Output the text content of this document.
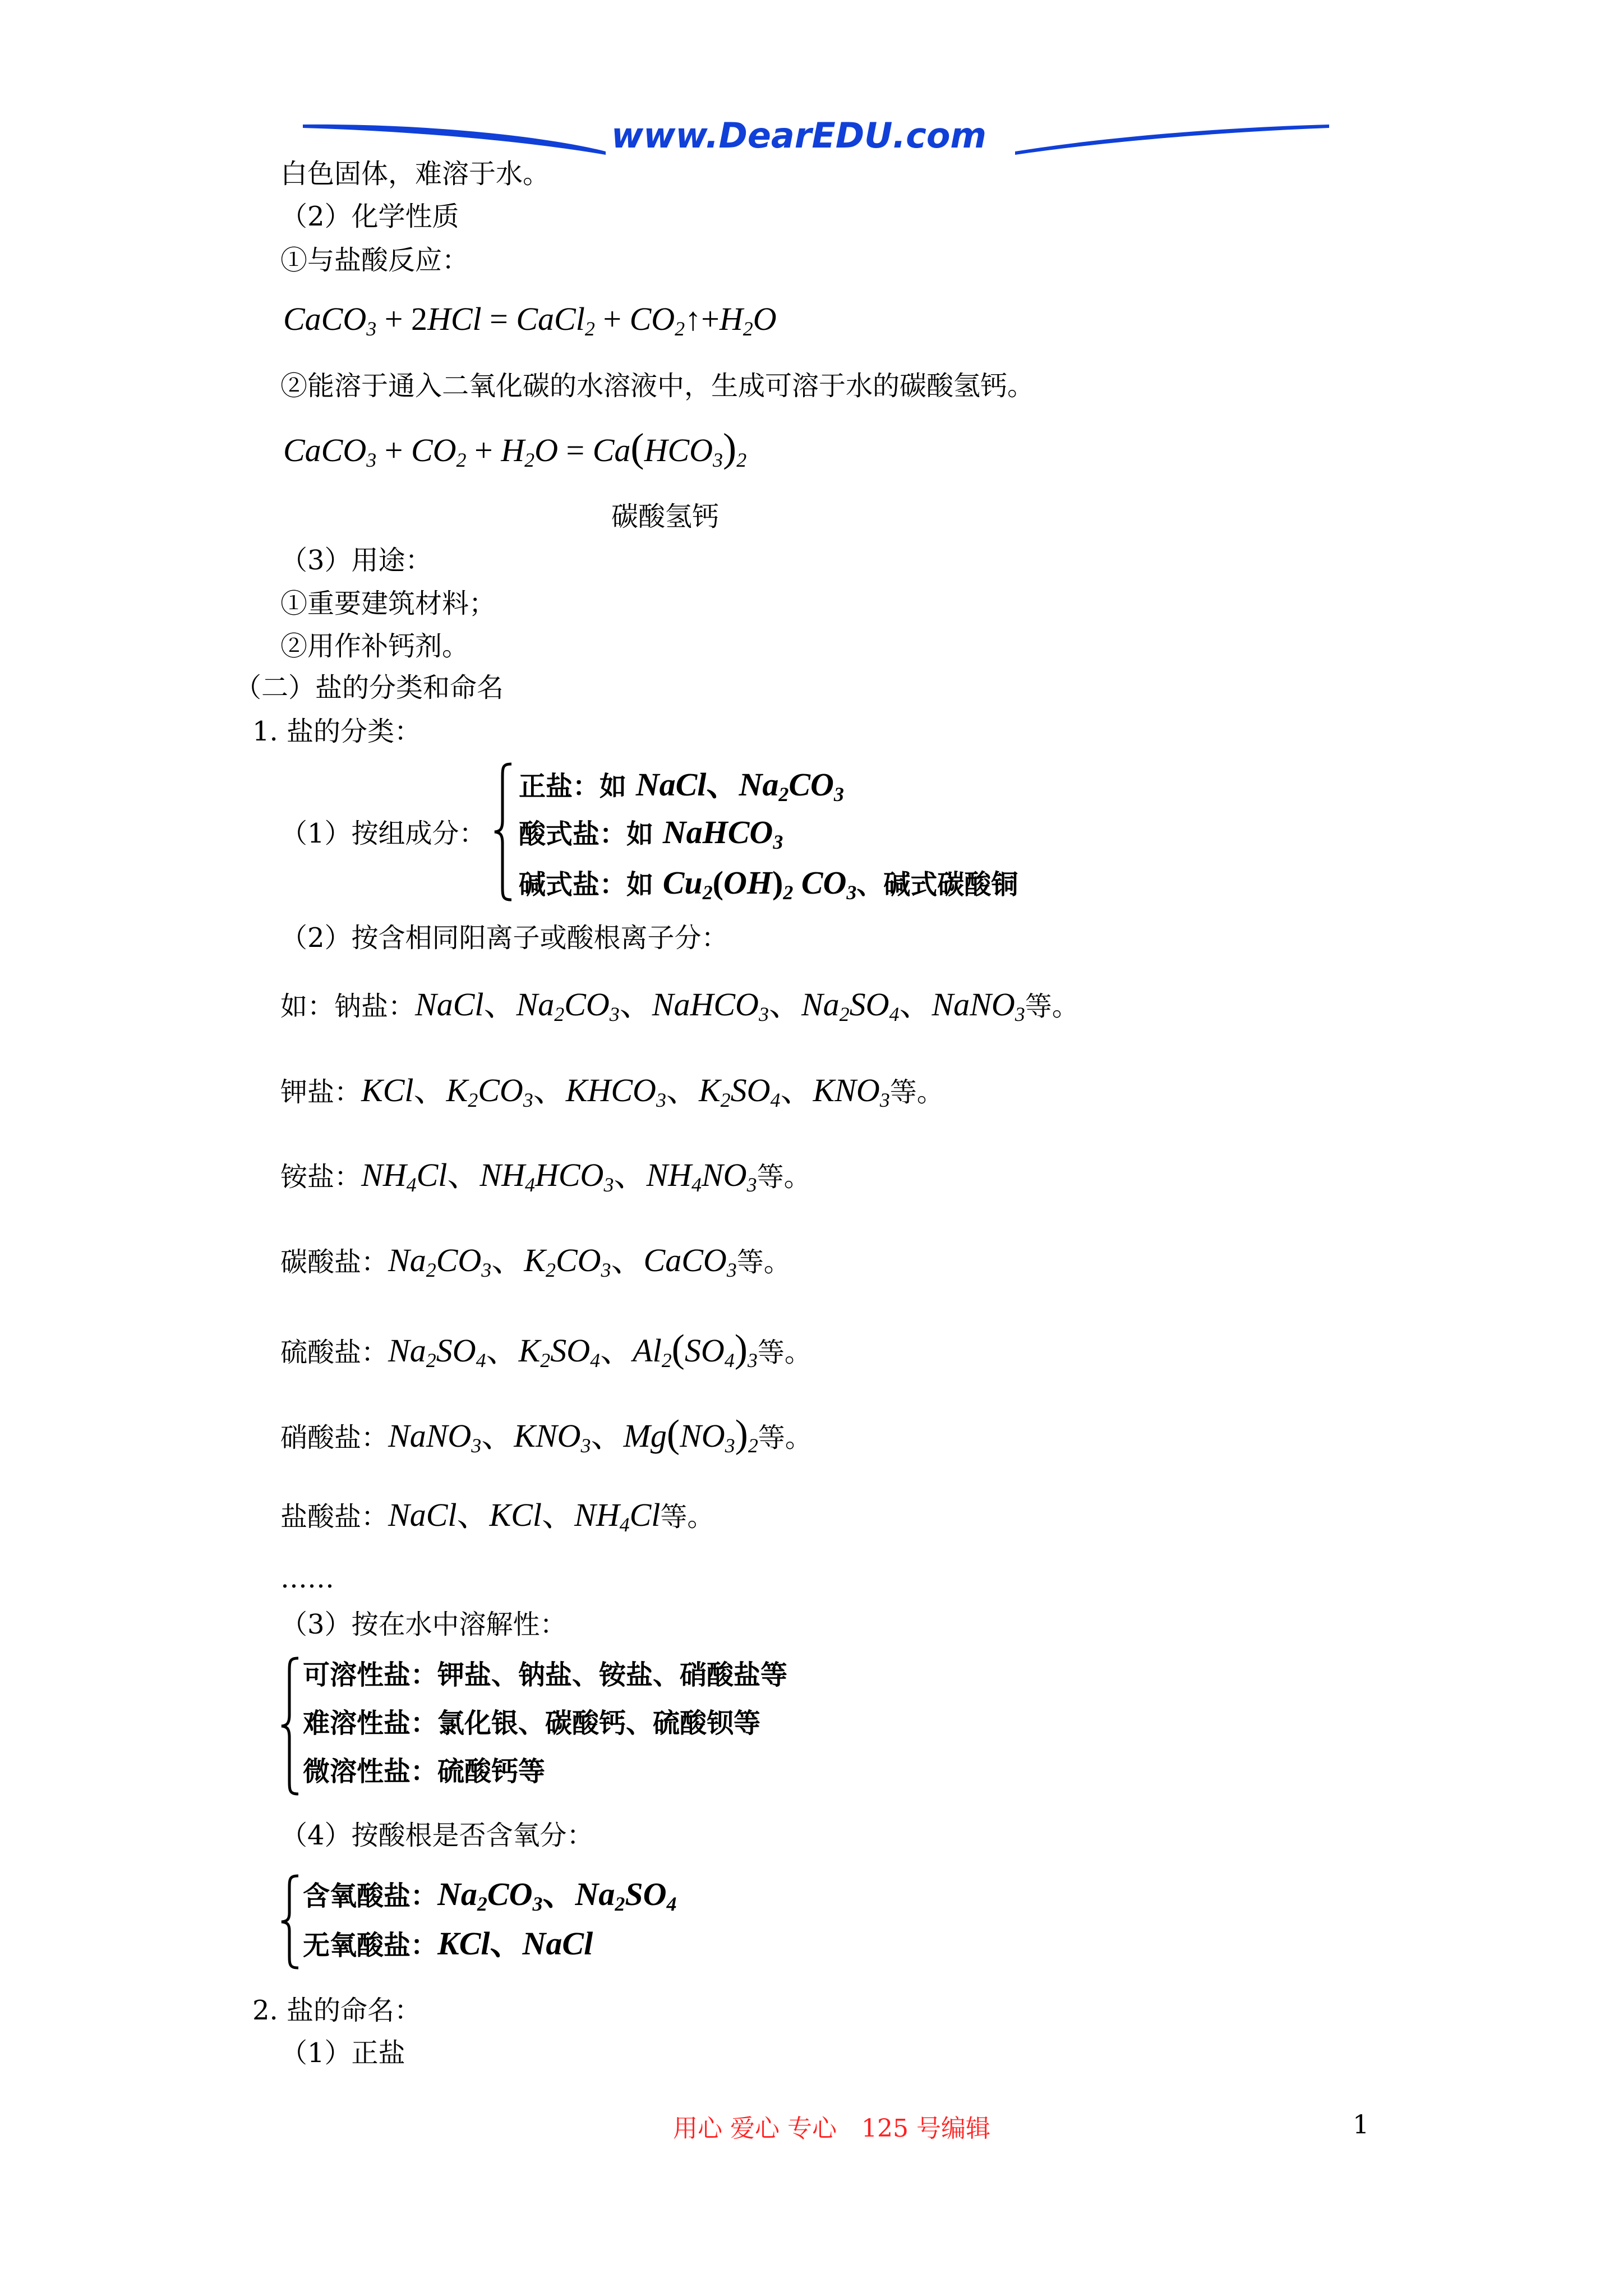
www.DearEDU.com
白色固体，难溶于水。
（2）化学性质
①与盐酸反应：
CaCO$_3$ + 2HCl = CaCl$_2$ + $CO_2↑+H_2O$
②能溶于通入二氧化碳的水溶液中，生成可溶于水的碳酸氢钙。
CaCO$_3$ + $CO_2 + H_2O = Ca(HCO_3)_2$
碳酸氢钙
（3）用途：
①重要建筑材料；
②用作补钙剂。
（二）盐的分类和命名
1. 盐的分类：
（1）按组成分：
正盐：如 NaCl、$Na_2CO_3$
酸式盐：如 NaHCO$_3$
碱式盐：如 $Cu_2(OH)_2$ $CO_3$、碱式碳酸铜
（2）按含相同阳离子或酸根离子分：
如：钠盐：NaCl、$Na_2CO_3$、NaHCO$_3$、$Na_2SO_4$、NaNO$_3$等。
钾盐：KCl、$K_2CO_3$、$KHCO_3$、$K_2SO_4$、$KNO_3$等。
铵盐：$NH_4Cl$、$NH_4HCO_3$、$NH_4NO_3$等。
碳酸盐：$Na_2CO_3$、$K_2CO_3$、CaCO$_3$等。
硫酸盐：$Na_2SO_4$、$K_2SO_4$、$Al_2(SO_4)_3$等。
硝酸盐：NaNO$_3$、$KNO_3$、$Mg(NO_3)_2$等。
盐酸盐：NaCl、KCl、$NH_4Cl$等。
……
（3）按在水中溶解性：
可溶性盐：钾盐、钠盐、铵盐、硝酸盐等
难溶性盐：氯化银、碳酸钙、硫酸钡等
微溶性盐：硫酸钙等
（4）按酸根是否含氧分：
含氧酸盐：$Na_2CO_3$、$Na_2SO_4$
无氧酸盐：KCl、NaCl
2. 盐的命名：
（1）正盐
用心 爱心 专心　125 号编辑	1
